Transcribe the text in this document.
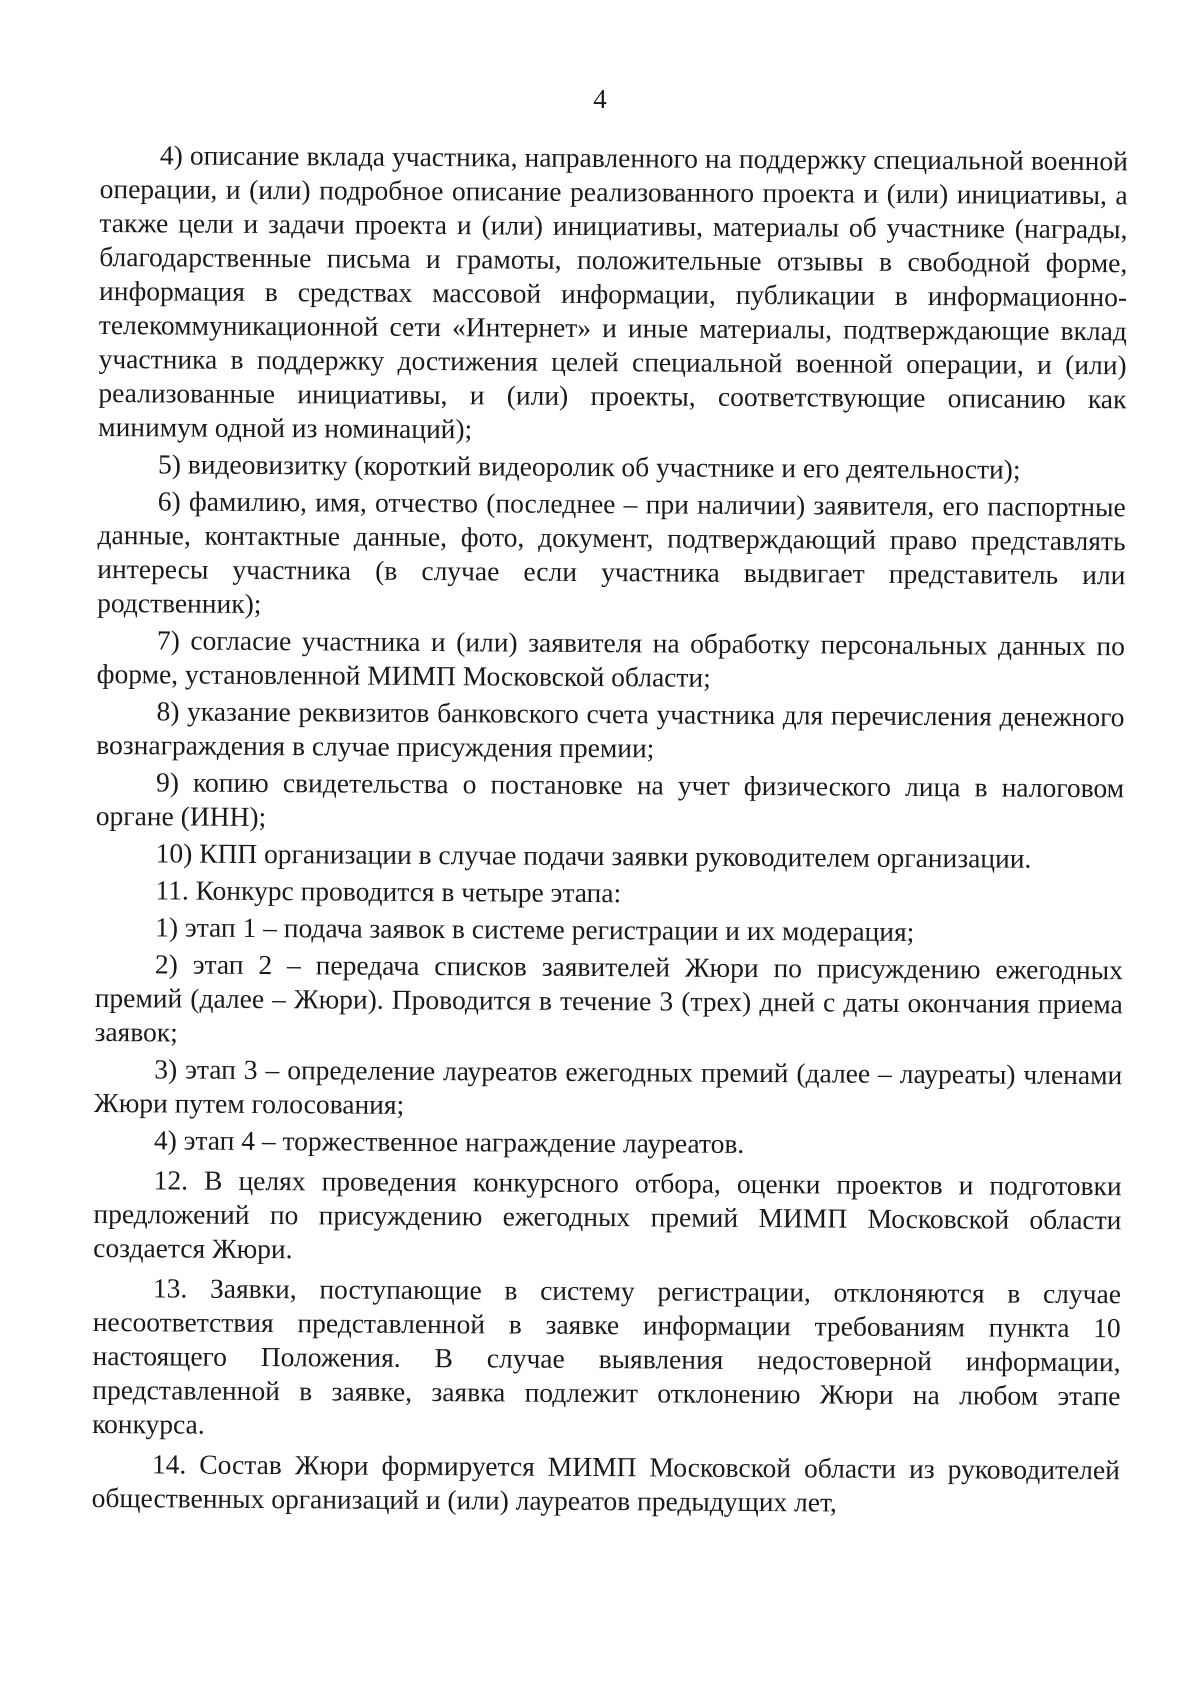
4

4) описание вклада участника, направленного на поддержку специальной военной операции, и (или) подробное описание реализованного проекта и (или) инициативы, а также цели и задачи проекта и (или) инициативы, материалы об участнике (награды, благодарственные письма и грамоты, положительные отзывы в свободной форме, информация в средствах массовой информации, публикации в информационно-телекоммуникационной сети «Интернет» и иные материалы, подтверждающие вклад участника в поддержку достижения целей специальной военной операции, и (или) реализованные инициативы, и (или) проекты, соответствующие описанию как минимум одной из номинаций);

5) видеовизитку (короткий видеоролик об участнике и его деятельности);

6) фамилию, имя, отчество (последнее – при наличии) заявителя, его паспортные данные, контактные данные, фото, документ, подтверждающий право представлять интересы участника (в случае если участника выдвигает представитель или родственник);

7) согласие участника и (или) заявителя на обработку персональных данных по форме, установленной МИМП Московской области;

8) указание реквизитов банковского счета участника для перечисления денежного вознаграждения в случае присуждения премии;

9) копию свидетельства о постановке на учет физического лица в налоговом органе (ИНН);

10) КПП организации в случае подачи заявки руководителем организации.

11. Конкурс проводится в четыре этапа:

1) этап 1 – подача заявок в системе регистрации и их модерация;

2) этап 2 – передача списков заявителей Жюри по присуждению ежегодных премий (далее – Жюри). Проводится в течение 3 (трех) дней с даты окончания приема заявок;

3) этап 3 – определение лауреатов ежегодных премий (далее – лауреаты) членами Жюри путем голосования;

4) этап 4 – торжественное награждение лауреатов.

12. В целях проведения конкурсного отбора, оценки проектов и подготовки предложений по присуждению ежегодных премий МИМП Московской области создается Жюри.

13. Заявки, поступающие в систему регистрации, отклоняются в случае несоответствия представленной в заявке информации требованиям пункта 10 настоящего Положения. В случае выявления недостоверной информации, представленной в заявке, заявка подлежит отклонению Жюри на любом этапе конкурса.

14. Состав Жюри формируется МИМП Московской области из руководителей общественных организаций и (или) лауреатов предыдущих лет,
